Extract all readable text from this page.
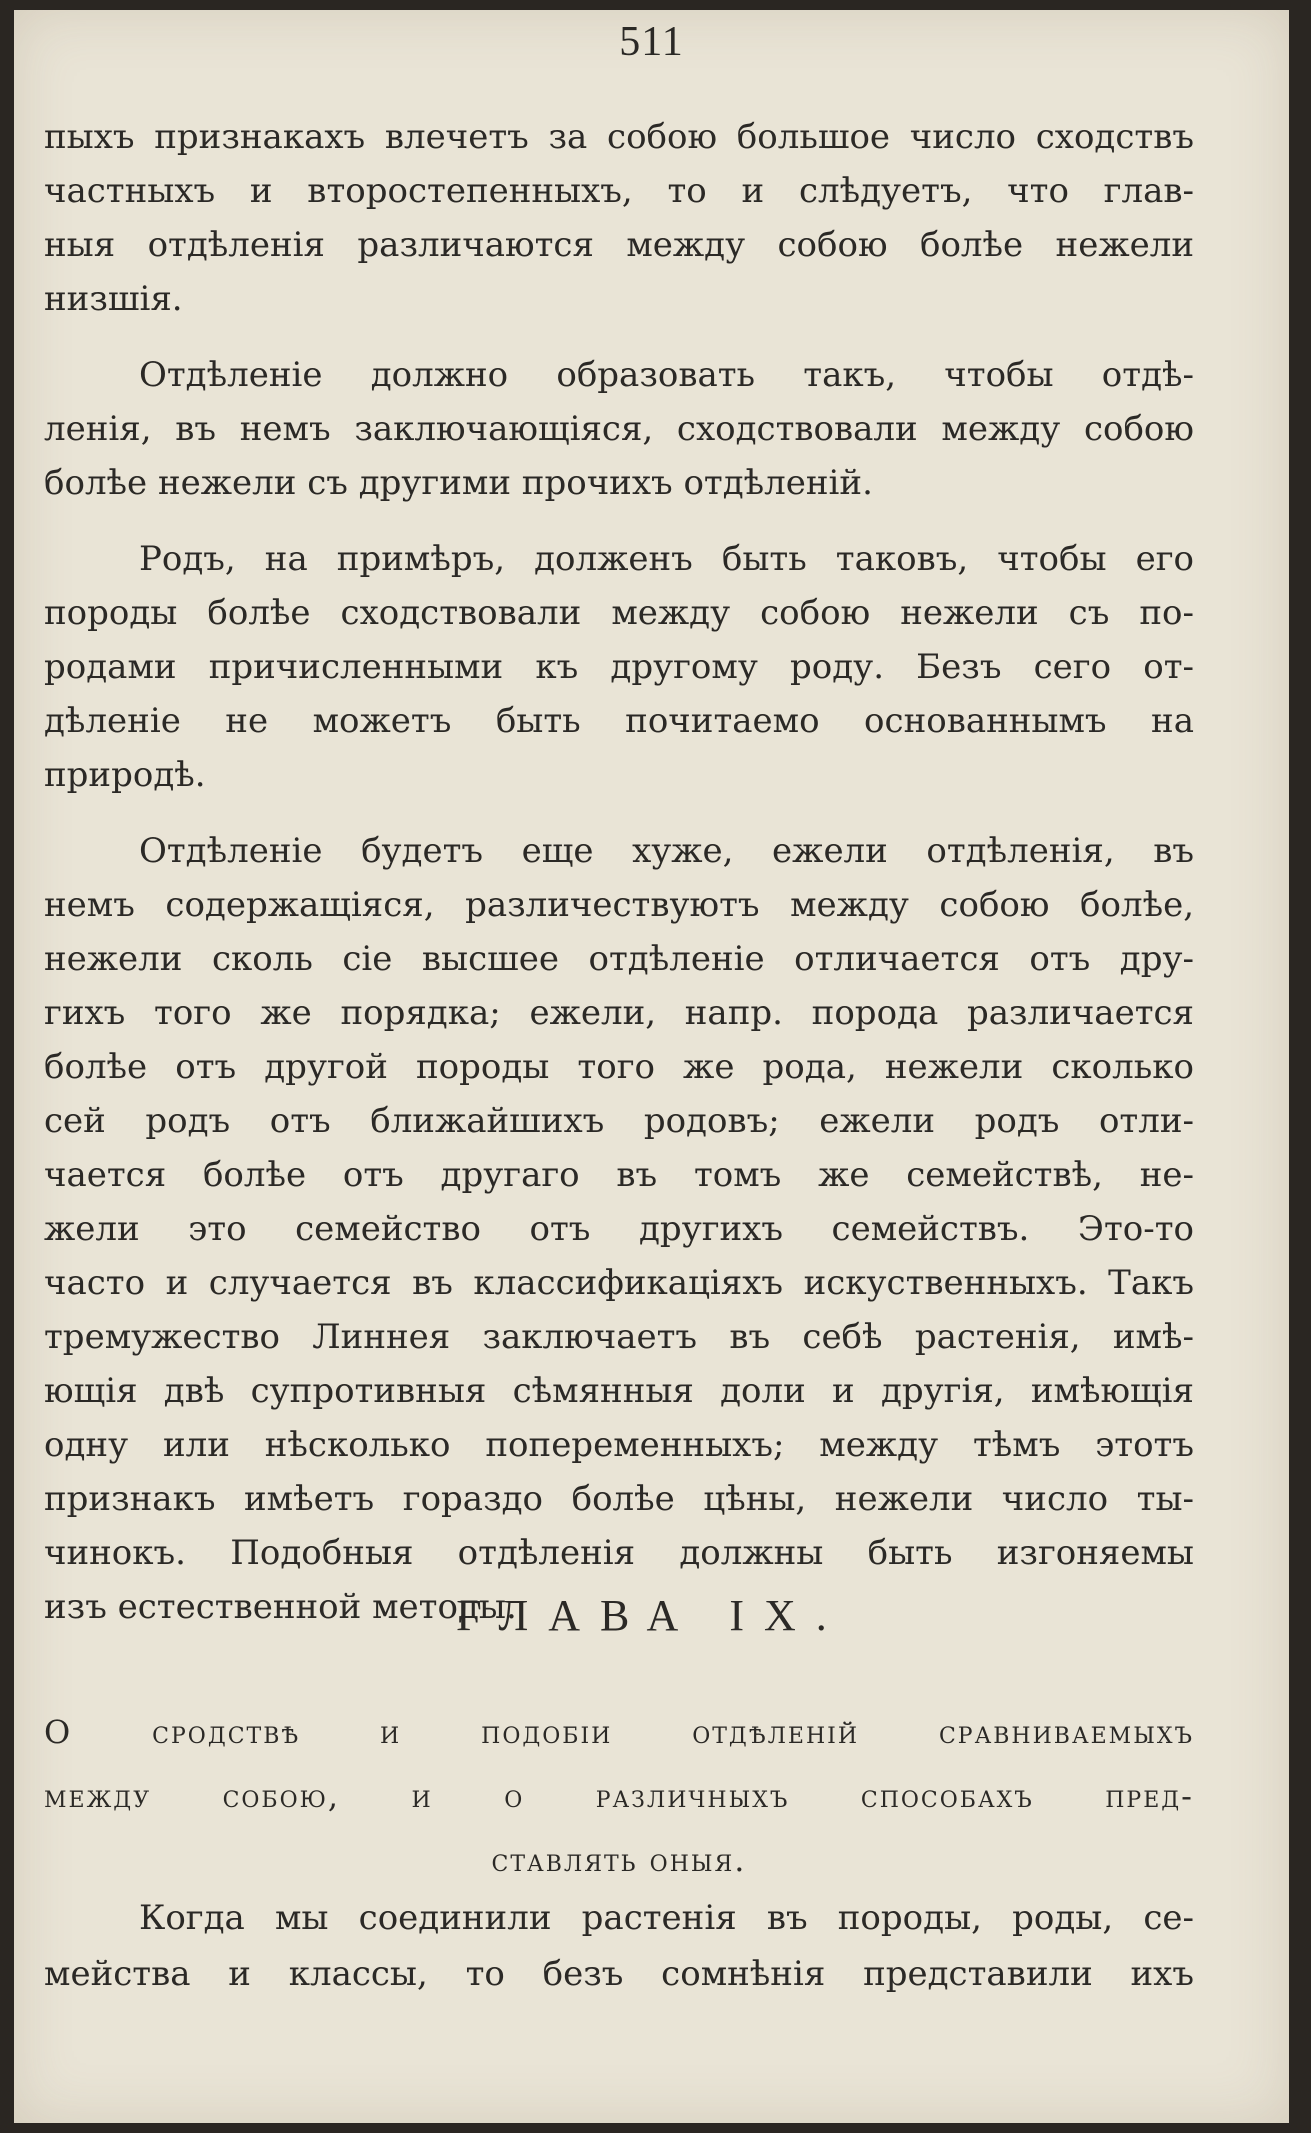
511
пыхъ признакахъ влечетъ за собою большое число сходствъ
частныхъ и второстепенныхъ, то и слѣдуетъ, что глав-
ныя отдѣленія различаются между собою болѣе нежели
низшія.
Отдѣленіе должно образовать такъ, чтобы отдѣ-
ленія, въ немъ заключающіяся, сходствовали между собою
болѣе нежели съ другими прочихъ отдѣленій.
Родъ, на примѣръ, долженъ быть таковъ, чтобы его
породы болѣе сходствовали между собою нежели съ по-
родами причисленными къ другому роду. Безъ сего от-
дѣленіе не можетъ быть почитаемо основаннымъ на
природѣ.
Отдѣленіе будетъ еще хуже, ежели отдѣленія, въ
немъ содержащіяся, различествуютъ между собою болѣе,
нежели сколь сіе высшее отдѣленіе отличается отъ дру-
гихъ того же порядка; ежели, напр. порода различается
болѣе отъ другой породы того же рода, нежели сколько
сей родъ отъ ближайшихъ родовъ; ежели родъ отли-
чается болѣе отъ другаго въ томъ же семействѣ, не-
жели это семейство отъ другихъ семействъ. Это-то
часто и случается въ классификаціяхъ искуственныхъ. Такъ
тремужество Линнея заключаетъ въ себѣ растенія, имѣ-
ющія двѣ супротивныя сѣмянныя доли и другія, имѣющія
одну или нѣсколько попеременныхъ; между тѣмъ этотъ
признакъ имѣетъ гораздо болѣе цѣны, нежели число ты-
чинокъ. Подобныя отдѣленія должны быть изгоняемы
изъ естественной методы.
ГЛАВА IX.
О сродствѣ и подобіи отдѣленій сравниваемыхъ
между собою, и о различныхъ способахъ пред-
ставлять оныя.
Когда мы соединили растенія въ породы, роды, се-
мейства и классы, то безъ сомнѣнія представили ихъ
